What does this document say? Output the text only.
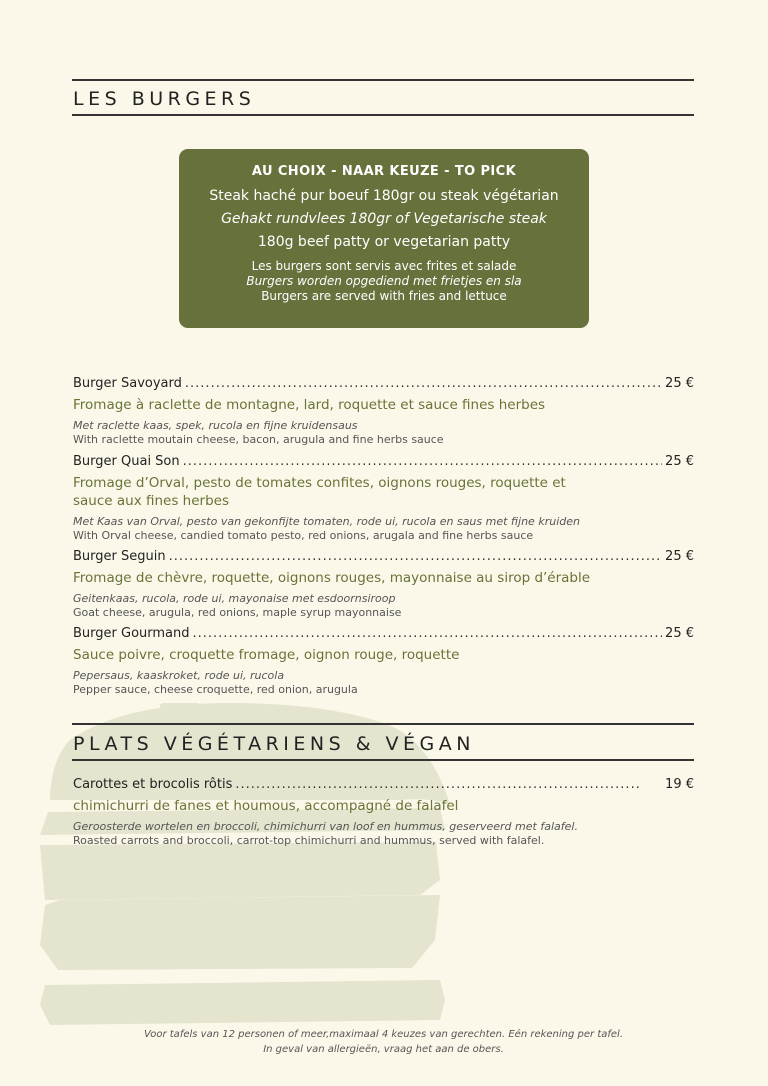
LES BURGERS
AU CHOIX - NAAR KEUZE - TO PICK
Steak haché pur boeuf 180gr ou steak végétarian
Gehakt rundvlees 180gr of Vegetarische steak
180g beef patty or vegetarian patty
Les burgers sont servis avec frites et salade
Burgers worden opgediend met frietjes en sla
Burgers are served with fries and lettuce
Burger Savoyard .....	25 €
Fromage à raclette de montagne, lard, roquette et sauce fines herbes
Met raclette kaas, spek, rucola en fijne kruidensaus
With raclette moutain cheese, bacon, arugula and fine herbs sauce
Burger Quai Son .....	25 €
Fromage d’Orval, pesto de tomates confites, oignons rouges, roquette et sauce aux fines herbes
Met Kaas van Orval, pesto van gekonfijte tomaten, rode ui, rucola en saus met fijne kruiden
With Orval cheese, candied tomato pesto, red onions, arugala and fine herbs sauce
Burger Seguin .....	25 €
Fromage de chèvre, roquette, oignons rouges, mayonnaise au sirop d’érable
Geitenkaas, rucola, rode ui, mayonaise met esdoornsiroop
Goat cheese, arugula, red onions, maple syrup mayonnaise
Burger Gourmand .....	25 €
Sauce poivre, croquette fromage, oignon rouge, roquette
Pepersaus, kaaskroket, rode ui, rucola
Pepper sauce, cheese croquette, red onion, arugula
PLATS VÉGÉTARIENS & VÉGAN
Carottes et brocolis rôtis .....	19 €
chimichurri de fanes et houmous, accompagné de falafel
Geroosterde wortelen en broccoli, chimichurri van loof en hummus, geserveerd met falafel.
Roasted carrots and broccoli, carrot-top chimichurri and hummus, served with falafel.
Voor tafels van 12 personen of meer,maximaal 4 keuzes van gerechten. Eén rekening per tafel.
In geval van allergieën, vraag het aan de obers.
